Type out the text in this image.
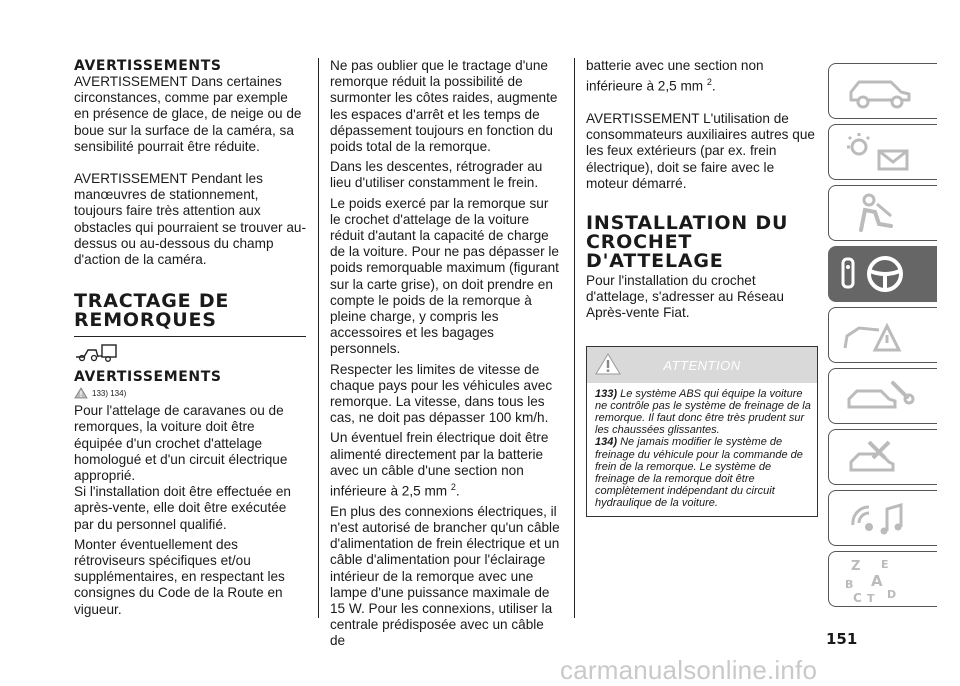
AVERTISSEMENTS

AVERTISSEMENT Dans certaines circonstances, comme par exemple en présence de glace, de neige ou de boue sur la surface de la caméra, sa sensibilité pourrait être réduite.

AVERTISSEMENT Pendant les manœuvres de stationnement, toujours faire très attention aux obstacles qui pourraient se trouver au-dessus ou au-dessous du champ d'action de la caméra.

TRACTAGE DE
REMORQUES
AVERTISSEMENTS
133) 134)

Pour l'attelage de caravanes ou de remorques, la voiture doit être équipée d'un crochet d'attelage homologué et d'un circuit électrique approprié.

Si l'installation doit être effectuée en après-vente, elle doit être exécutée par du personnel qualifié.

Monter éventuellement des rétroviseurs spécifiques et/ou supplémentaires, en respectant les consignes du Code de la Route en vigueur.

Ne pas oublier que le tractage d'une remorque réduit la possibilité de surmonter les côtes raides, augmente les espaces d'arrêt et les temps de dépassement toujours en fonction du poids total de la remorque.

Dans les descentes, rétrograder au lieu d'utiliser constamment le frein.

Le poids exercé par la remorque sur le crochet d'attelage de la voiture réduit d'autant la capacité de charge de la voiture. Pour ne pas dépasser le poids remorquable maximum (figurant sur la carte grise), on doit prendre en compte le poids de la remorque à pleine charge, y compris les accessoires et les bagages personnels.

Respecter les limites de vitesse de chaque pays pour les véhicules avec remorque. La vitesse, dans tous les cas, ne doit pas dépasser 100 km/h.

Un éventuel frein électrique doit être alimenté directement par la batterie avec un câble d'une section non inférieure à 2,5 mm $^2$.

En plus des connexions électriques, il n'est autorisé de brancher qu'un câble d'alimentation de frein électrique et un câble d'alimentation pour l'éclairage intérieur de la remorque avec une lampe d'une puissance maximale de 15 W. Pour les connexions, utiliser la centrale prédisposée avec un câble de

batterie avec une section non inférieure à 2,5 mm $^2$.

AVERTISSEMENT L'utilisation de consommateurs auxiliaires autres que les feux extérieurs (par ex. frein électrique), doit se faire avec le moteur démarré.

INSTALLATION DU
CROCHET D'ATTELAGE

Pour l'installation du crochet d'attelage, s'adresser au Réseau Après-vente Fiat.

ATTENTION
133) Le système ABS qui équipe la voiture ne contrôle pas le système de freinage de la remorque. Il faut donc être très prudent sur les chaussées glissantes.
134) Ne jamais modifier le système de freinage du véhicule pour la commande de frein de la remorque. Le système de freinage de la remorque doit être complètement indépendant du circuit hydraulique de la voiture.
Z E
B A
C T D
151
carmanualsonline.info
